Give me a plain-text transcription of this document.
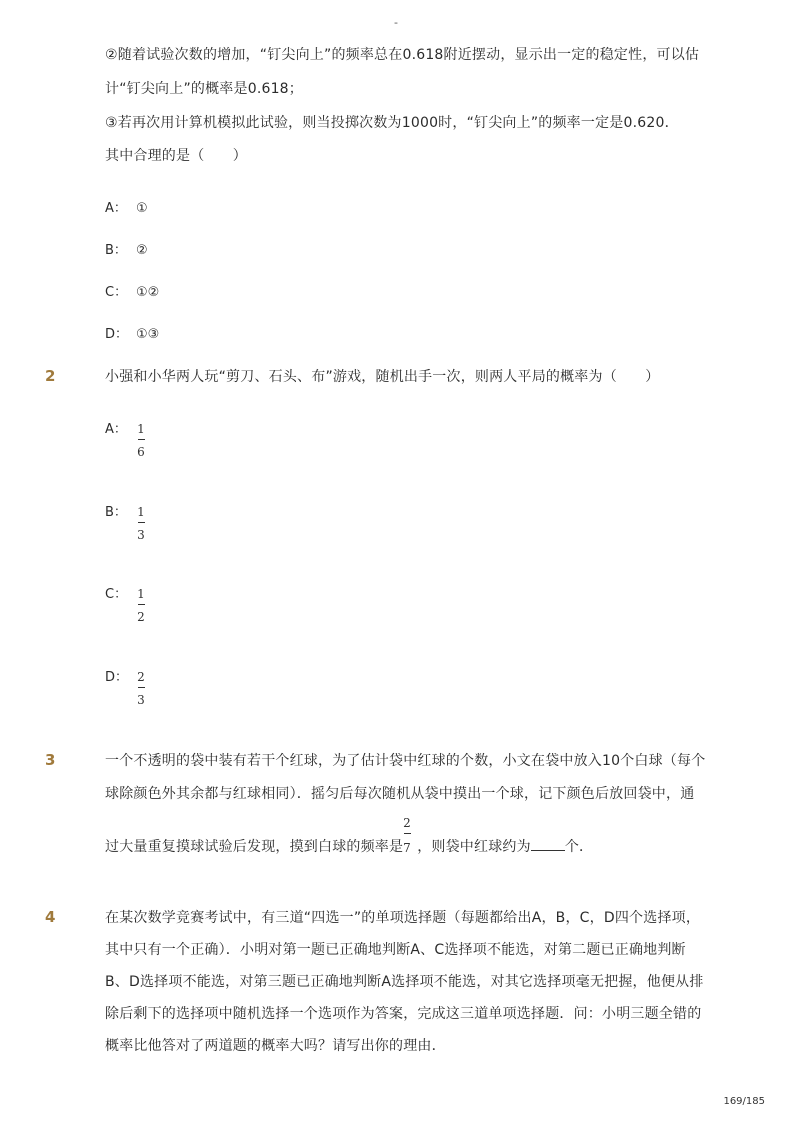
-
②随着试验次数的增加，“钉尖向上”的频率总在0.618附近摆动，显示出一定的稳定性，可以估
计“钉尖向上”的概率是0.618；
③若再次用计算机模拟此试验，则当投掷次数为1000时，“钉尖向上”的频率一定是0.620．
其中合理的是（　　）
A： ①
B： ②
C： ①②
D： ①③
2	小强和小华两人玩“剪刀、石头、布”游戏，随机出手一次，则两人平局的概率为（　　）
A： 1
6
B： 1
3
C： 1
2
D： 2
3
3	一个不透明的袋中装有若干个红球，为了估计袋中红球的个数，小文在袋中放入10个白球（每个
球除颜色外其余都与红球相同）．摇匀后每次随机从袋中摸出一个球，记下颜色后放回袋中，通
过大量重复摸球试验后发现，摸到白球的频率是 ，则袋中红球约为 个．
2
7
4	在某次数学竞赛考试中，有三道“四选一”的单项选择题（每题都给出A，B，C，D四个选择项，
其中只有一个正确）．小明对第一题已正确地判断A、C选择项不能选，对第二题已正确地判断
B、D选择项不能选，对第三题已正确地判断A选择项不能选，对其它选择项毫无把握，他便从排
除后剩下的选择项中随机选择一个选项作为答案，完成这三道单项选择题．问：小明三题全错的
概率比他答对了两道题的概率大吗？请写出你的理由．
169/185
